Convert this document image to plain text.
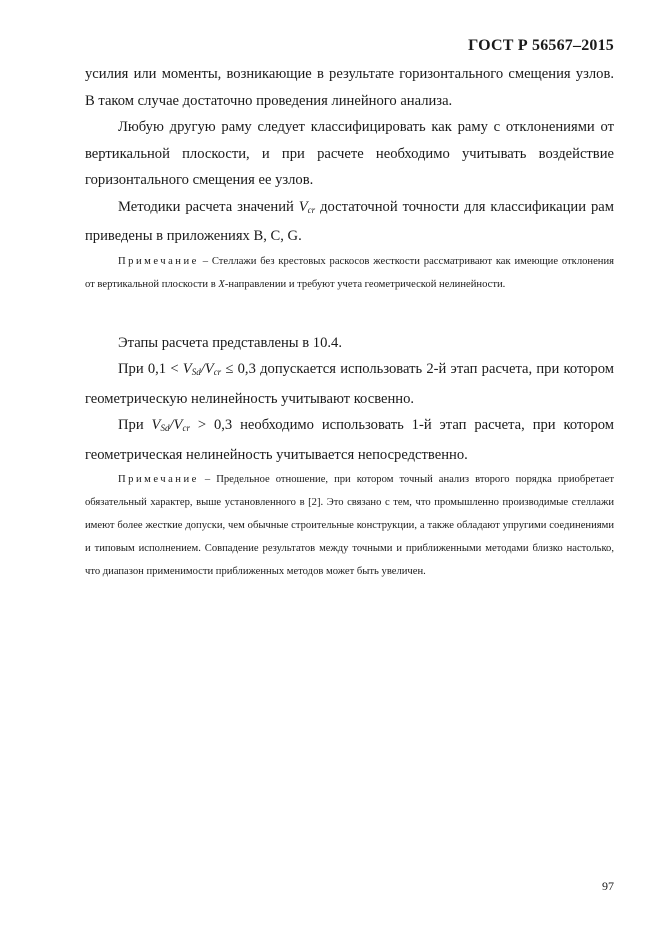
ГОСТ Р 56567–2015

усилия или моменты, возникающие в результате горизонтального смещения узлов. В таком случае достаточно проведения линейного анализа.

Любую другую раму следует классифицировать как раму с отклонениями от вертикальной плоскости, и при расчете необходимо учитывать воздействие горизонтального смещения ее узлов.

Методики расчета значений $V_{cr}$ достаточной точности для классификации рам приведены в приложениях B, C, G.

Примечание – Стеллажи без крестовых раскосов жесткости рассматривают как имеющие отклонения от вертикальной плоскости в X-направлении и требуют учета геометрической нелинейности.

Этапы расчета представлены в 10.4.

При $0,1 < V_{Sd}/V_{cr} \le 0,3$ допускается использовать 2-й этап расчета, при котором геометрическую нелинейность учитывают косвенно.

При $V_{Sd}/V_{cr} > 0,3$ необходимо использовать 1-й этап расчета, при котором геометрическая нелинейность учитывается непосредственно.

Примечание – Предельное отношение, при котором точный анализ второго порядка приобретает обязательный характер, выше установленного в [2]. Это связано с тем, что промышленно производимые стеллажи имеют более жесткие допуски, чем обычные строительные конструкции, а также обладают упругими соединениями и типовым исполнением. Совпадение результатов между точными и приближенными методами близко настолько, что диапазон применимости приближенных методов может быть увеличен.

97
